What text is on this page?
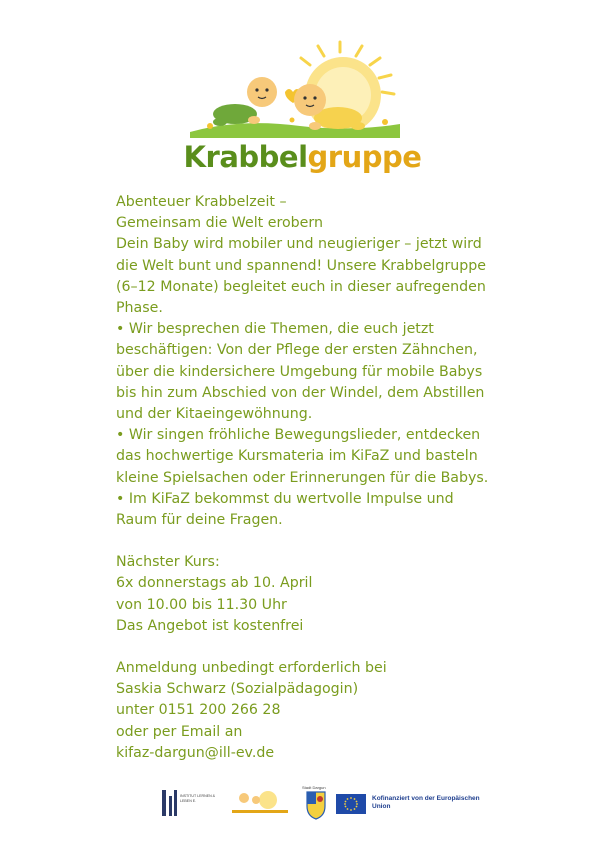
Krabbelgruppe

Abenteuer Krabbelzeit –

Gemeinsam die Welt erobern

Dein Baby wird mobiler und neugieriger – jetzt wird die Welt bunt und spannend! Unsere Krabbelgruppe (6–12 Monate) begleitet euch in dieser aufregenden Phase.

• Wir besprechen die Themen, die euch jetzt beschäftigen: Von der Pflege der ersten Zähnchen, über die kindersichere Umgebung für mobile Babys bis hin zum Abschied von der Windel, dem Abstillen und der Kitaeingewöhnung.

• Wir singen fröhliche Bewegungslieder, entdecken das hochwertige Kursmateria im KiFaZ und basteln kleine Spielsachen oder Erinnerungen für die Babys.

• Im KiFaZ bekommst du wertvolle Impulse und Raum für deine Fragen.

Nächster Kurs:

6x donnerstags ab 10. April

von 10.00 bis 11.30 Uhr

Das Angebot ist kostenfrei

Anmeldung unbedingt erforderlich bei

Saskia Schwarz (Sozialpädagogin)

unter 0151 200 266 28

oder per Email an

kifaz-dargun@ill-ev.de

INSTITUT LERNEN & LEBEN E.
Stadt Dargun
Kofinanziert von der Europäischen Union
